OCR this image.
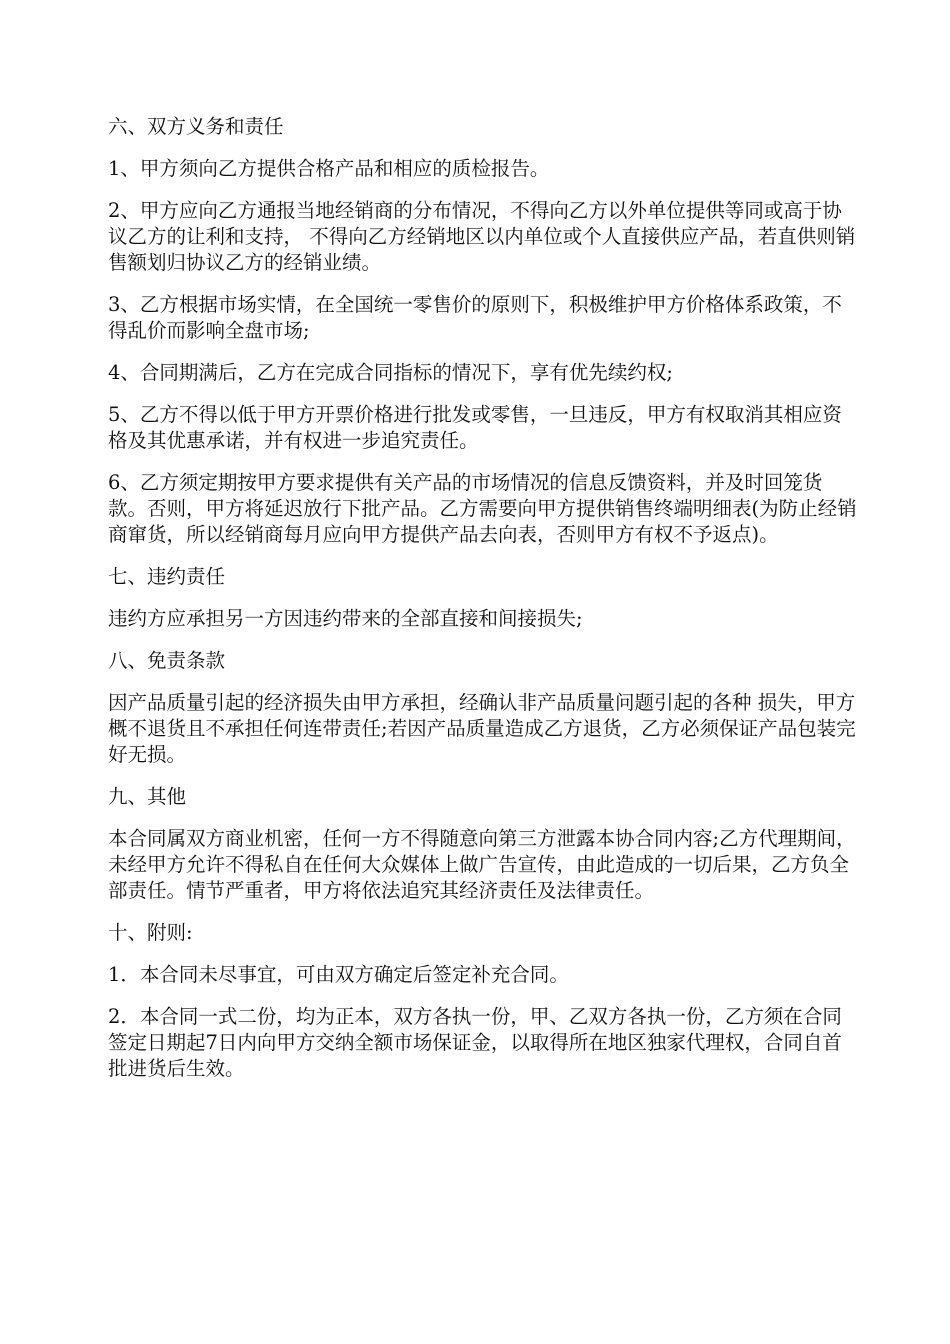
六、双方义务和责任

1、甲方须向乙方提供合格产品和相应的质检报告。

2、甲方应向乙方通报当地经销商的分布情况，不得向乙方以外单位提供等同或高于协议乙方的让利和支持， 不得向乙方经销地区以内单位或个人直接供应产品，若直供则销售额划归协议乙方的经销业绩。

3、乙方根据市场实情，在全国统一零售价的原则下，积极维护甲方价格体系政策，不得乱价而影响全盘市场;

4、合同期满后，乙方在完成合同指标的情况下，享有优先续约权;

5、乙方不得以低于甲方开票价格进行批发或零售，一旦违反，甲方有权取消其相应资格及其优惠承诺，并有权进一步追究责任。

6、乙方须定期按甲方要求提供有关产品的市场情况的信息反馈资料，并及时回笼货款。否则，甲方将延迟放行下批产品。乙方需要向甲方提供销售终端明细表(为防止经销商窜货，所以经销商每月应向甲方提供产品去向表，否则甲方有权不予返点)。

七、违约责任

违约方应承担另一方因违约带来的全部直接和间接损失;

八、免责条款

因产品质量引起的经济损失由甲方承担，经确认非产品质量问题引起的各种 损失，甲方概不退货且不承担任何连带责任;若因产品质量造成乙方退货，乙方必须保证产品包装完好无损。

九、其他

本合同属双方商业机密，任何一方不得随意向第三方泄露本协合同内容;乙方代理期间，未经甲方允许不得私自在任何大众媒体上做广告宣传，由此造成的一切后果，乙方负全部责任。情节严重者，甲方将依法追究其经济责任及法律责任。

十、附则:

1．本合同未尽事宜，可由双方确定后签定补充合同。

2．本合同一式二份，均为正本，双方各执一份，甲、乙双方各执一份，乙方须在合同签定日期起7日内向甲方交纳全额市场保证金，以取得所在地区独家代理权，合同自首批进货后生效。
